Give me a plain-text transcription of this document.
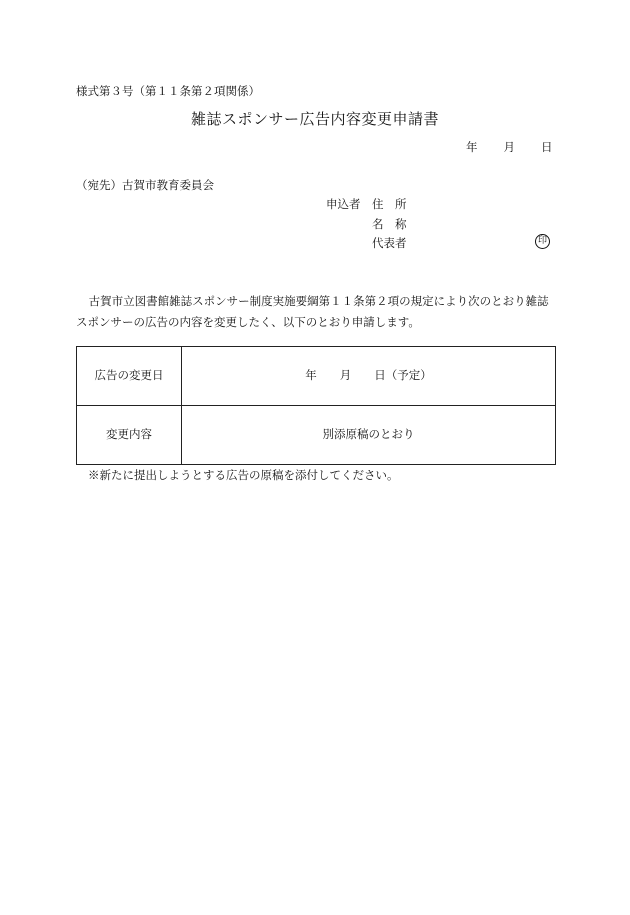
様式第３号（第１１条第２項関係）
雑誌スポンサー広告内容変更申請書
年 月 日
（宛先）古賀市教育委員会
申込者 住　所
名　称
代表者	印
古賀市立図書館雑誌スポンサー制度実施要綱第１１条第２項の規定により次のとおり雑誌スポンサーの広告の内容を変更したく、以下のとおり申請します。
広告の変更日	年　　月　　日（予定）
変更内容	別添原稿のとおり
※新たに提出しようとする広告の原稿を添付してください。
